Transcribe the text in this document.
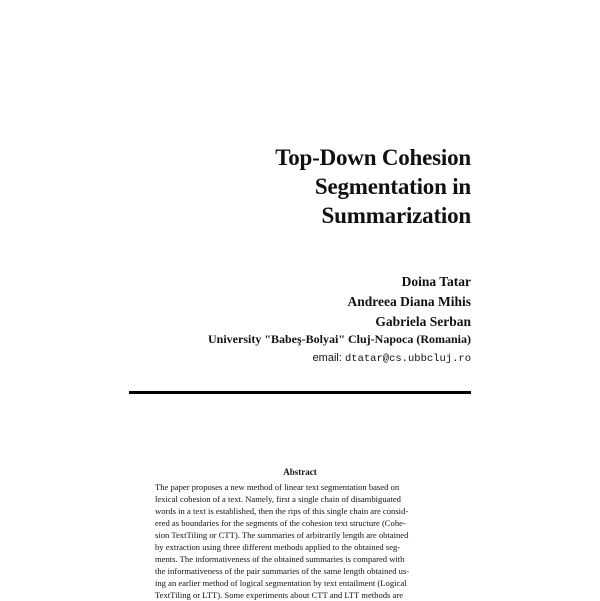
Top-Down Cohesion
Segmentation in
Summarization
Doina Tatar
Andreea Diana Mihis
Gabriela Serban
University "Babeş-Bolyai" Cluj-Napoca (Romania)
email: dtatar@cs.ubbcluj.ro
Abstract
The paper proposes a new method of linear text segmentation based on
lexical cohesion of a text. Namely, first a single chain of disambiguated
words in a text is established, then the rips of this single chain are consid-
ered as boundaries for the segments of the cohesion text structure (Cohe-
sion TextTiling or CTT). The summaries of arbitrarily length are obtained
by extraction using three different methods applied to the obtained seg-
ments. The informativeness of the obtained summaries is compared with
the informativeness of the pair summaries of the same length obtained us-
ing an earlier method of logical segmentation by text entailment (Logical
TextTiling or LTT). Some experiments about CTT and LTT methods are
